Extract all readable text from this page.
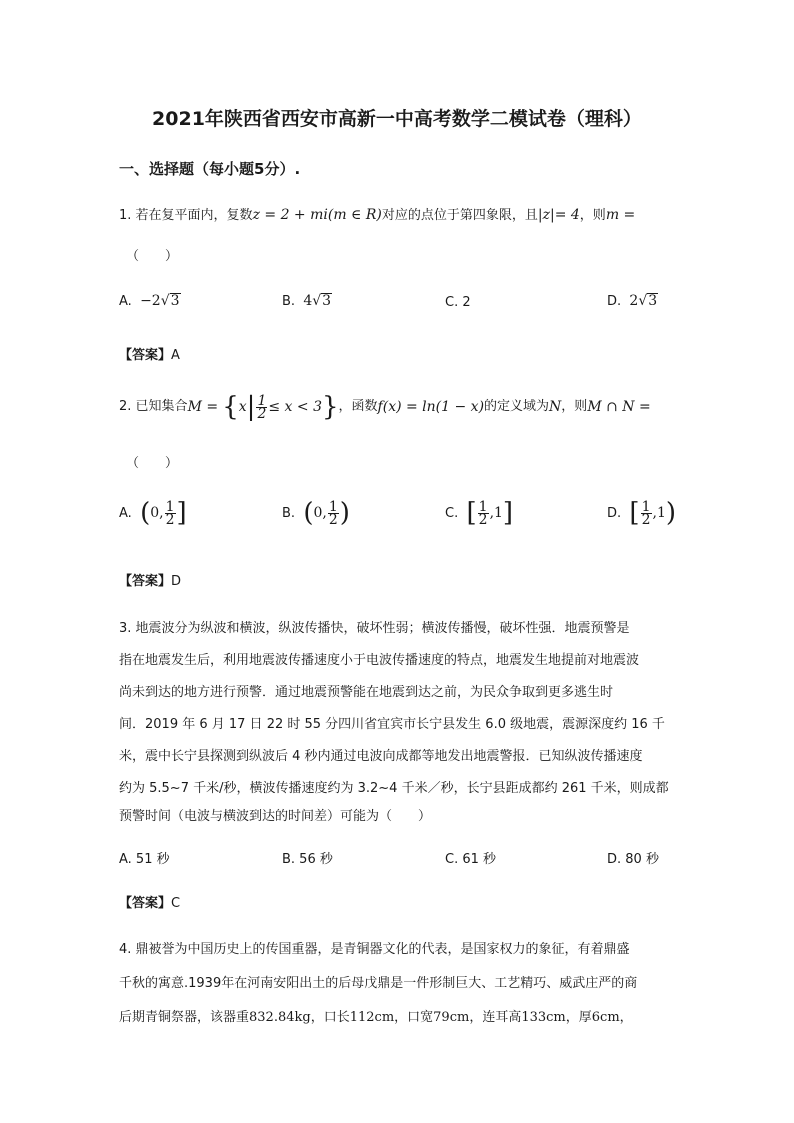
2021年陕西省西安市高新一中高考数学二模试卷（理科）
一、选择题（每小题5分）.
1. 若在复平面内，复数z = 2 + mi(m ∈ R)对应的点位于第四象限，且|z|= 4，则m =
（　　）
A. −2√3	B. 4√3	C. 2	D. 2√3
【答案】A
2. 已知集合$M = \{x| \frac{1}{2} \le x < 3\}$，函数f(x) = ln(1 − x)的定义域为N，则M ∩ N =
（　　）
A. (0, $\frac{1}{2}$ ]	B. (0, $\frac{1}{2}$ )	C. [ $\frac{1}{2} ,1$]	D. [ $\frac{1}{2} ,1$)
【答案】D
3. 地震波分为纵波和横波，纵波传播快，破坏性弱；横波传播慢，破坏性强．地震预警是
指在地震发生后，利用地震波传播速度小于电波传播速度的特点，地震发生地提前对地震波
尚未到达的地方进行预警．通过地震预警能在地震到达之前，为民众争取到更多逃生时
间．2019 年 6 月 17 日 22 时 55 分四川省宜宾市长宁县发生 6.0 级地震，震源深度约 16 千
米，震中长宁县探测到纵波后 4 秒内通过电波向成都等地发出地震警报．已知纵波传播速度
约为 5.5~7 千米/秒，横波传播速度约为 3.2~4 千米／秒，长宁县距成都约 261 千米，则成都
预警时间（电波与横波到达的时间差）可能为（　　）
A. 51 秒	B. 56 秒	C. 61 秒	D. 80 秒
【答案】C
4. 鼎被誉为中国历史上的传国重器，是青铜器文化的代表，是国家权力的象征，有着鼎盛
千秋的寓意.1939年在河南安阳出土的后母戊鼎是一件形制巨大、工艺精巧、威武庄严的商
后期青铜祭器，该器重832.84kg，口长112cm，口宽79cm，连耳高133cm，厚6cm，
